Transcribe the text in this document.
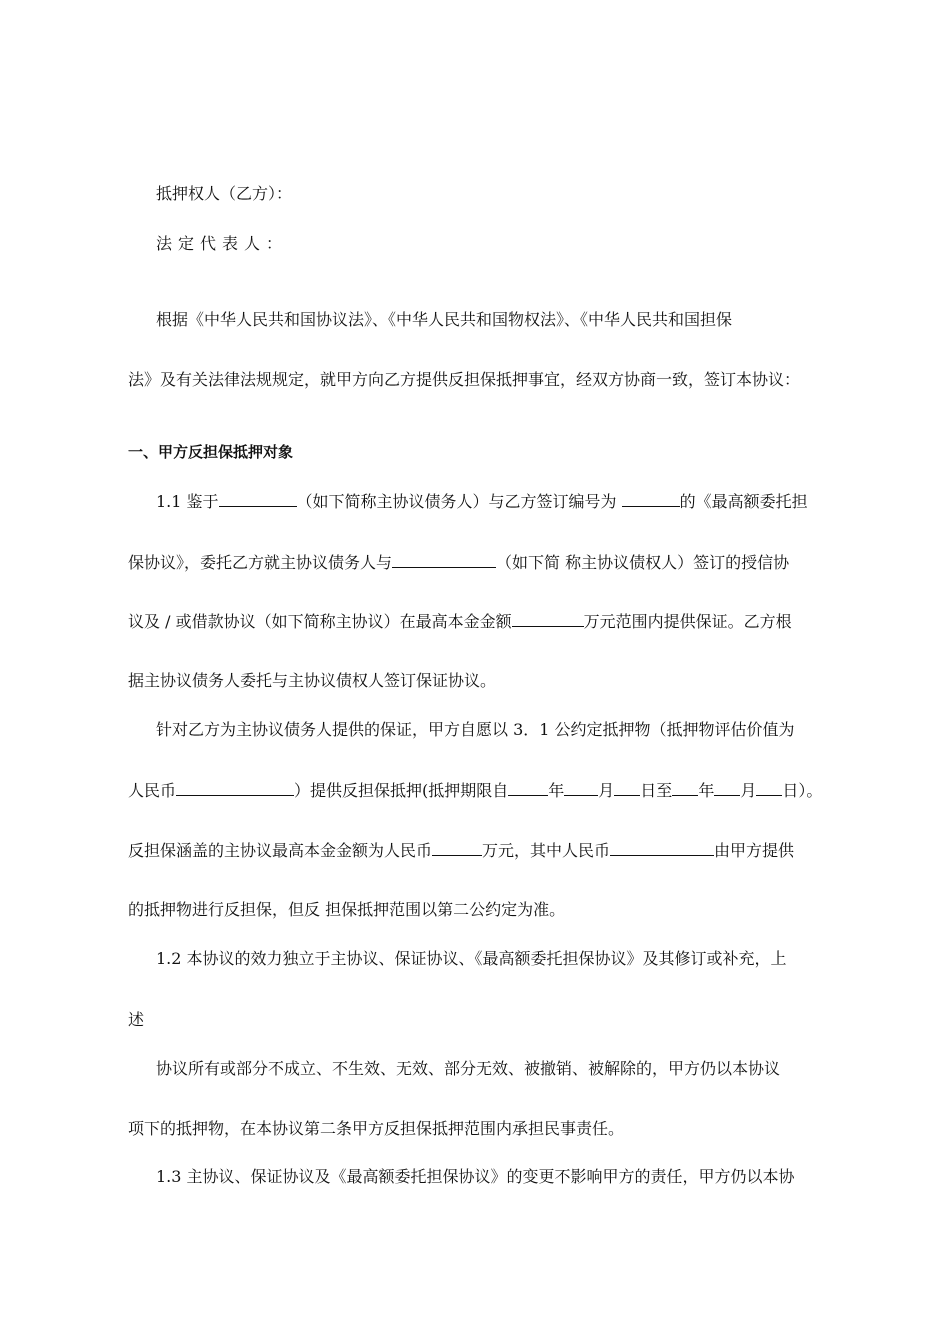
抵押权人（乙方）：
法定代表人：
根据《中华人民共和国协议法》、《中华人民共和国物权法》、《中华人民共和国担保
法》及有关法律法规规定，就甲方向乙方提供反担保抵押事宜，经双方协商一致，签订本协议：
一、甲方反担保抵押对象
1.1 鉴于	（如下简称主协议债务人）与乙方签订编号为	的《最高额委托担
保协议》，委托乙方就主协议债务人与	（如下简 称主协议债权人）签订的授信协
议及 / 或借款协议（如下简称主协议）在最高本金金额	万元范围内提供保证。乙方根
据主协议债务人委托与主协议债权人签订保证协议。
针对乙方为主协议债务人提供的保证，甲方自愿以 3．1 公约定抵押物（抵押物评估价值为
人民币	）提供反担保抵押(抵押期限自	年 月 日至 年 月 日）。
反担保涵盖的主协议最高本金金额为人民币	万元，其中人民币	由甲方提供
的抵押物进行反担保，但反 担保抵押范围以第二公约定为准。
1.2 本协议的效力独立于主协议、保证协议、《最高额委托担保协议》及其修订或补充，上
述
协议所有或部分不成立、不生效、无效、部分无效、被撤销、被解除的，甲方仍以本协议
项下的抵押物，在本协议第二条甲方反担保抵押范围内承担民事责任。
1.3 主协议、保证协议及《最高额委托担保协议》的变更不影响甲方的责任，甲方仍以本协
